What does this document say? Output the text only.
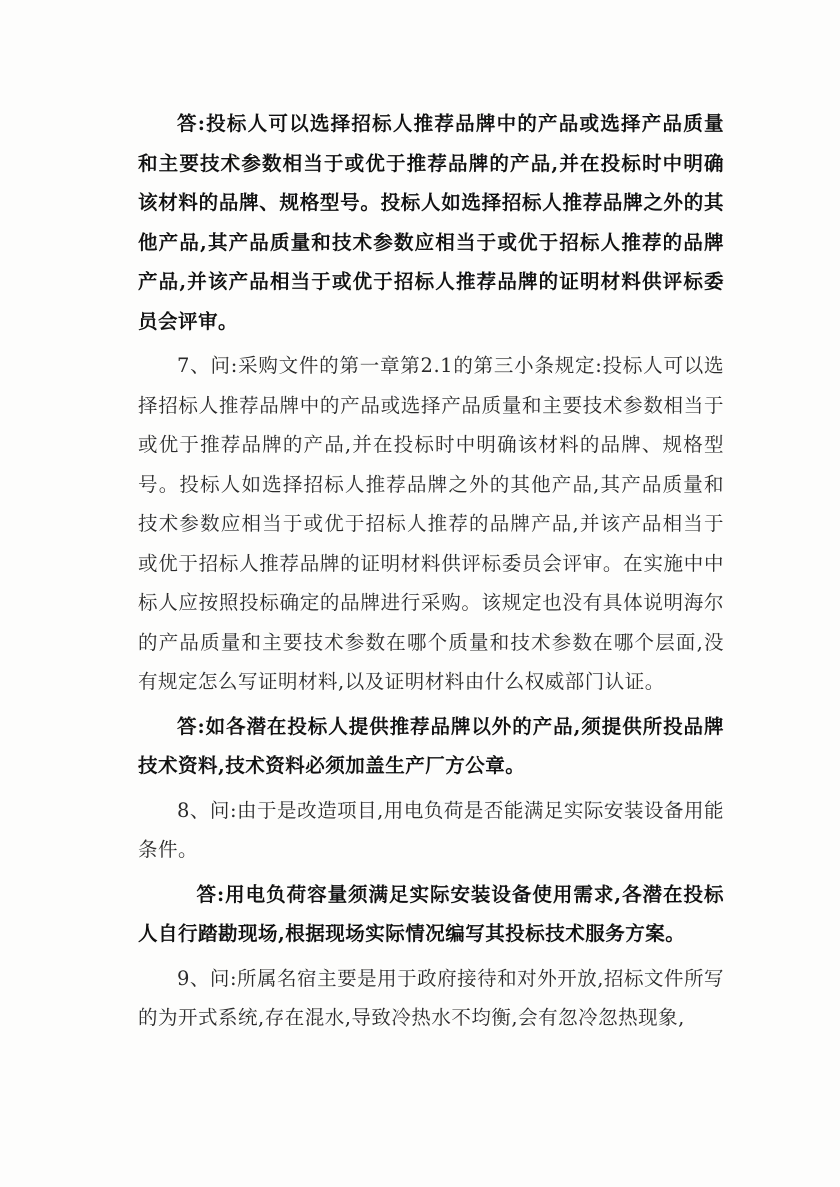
答:投标人可以选择招标人推荐品牌中的产品或选择产品质量和主要技术参数相当于或优于推荐品牌的产品,并在投标时中明确该材料的品牌、规格型号。投标人如选择招标人推荐品牌之外的其他产品,其产品质量和技术参数应相当于或优于招标人推荐的品牌产品,并该产品相当于或优于招标人推荐品牌的证明材料供评标委员会评审。

7、问:采购文件的第一章第2.1的第三小条规定:投标人可以选择招标人推荐品牌中的产品或选择产品质量和主要技术参数相当于或优于推荐品牌的产品,并在投标时中明确该材料的品牌、规格型号。投标人如选择招标人推荐品牌之外的其他产品,其产品质量和技术参数应相当于或优于招标人推荐的品牌产品,并该产品相当于或优于招标人推荐品牌的证明材料供评标委员会评审。在实施中中标人应按照投标确定的品牌进行采购。该规定也没有具体说明海尔的产品质量和主要技术参数在哪个质量和技术参数在哪个层面,没有规定怎么写证明材料,以及证明材料由什么权威部门认证。

答:如各潜在投标人提供推荐品牌以外的产品,须提供所投品牌技术资料,技术资料必须加盖生产厂方公章。

8、问:由于是改造项目,用电负荷是否能满足实际安装设备用能条件。

答:用电负荷容量须满足实际安装设备使用需求,各潜在投标人自行踏勘现场,根据现场实际情况编写其投标技术服务方案。

9、问:所属名宿主要是用于政府接待和对外开放,招标文件所写的为开式系统,存在混水,导致冷热水不均衡,会有忽冷忽热现象,
